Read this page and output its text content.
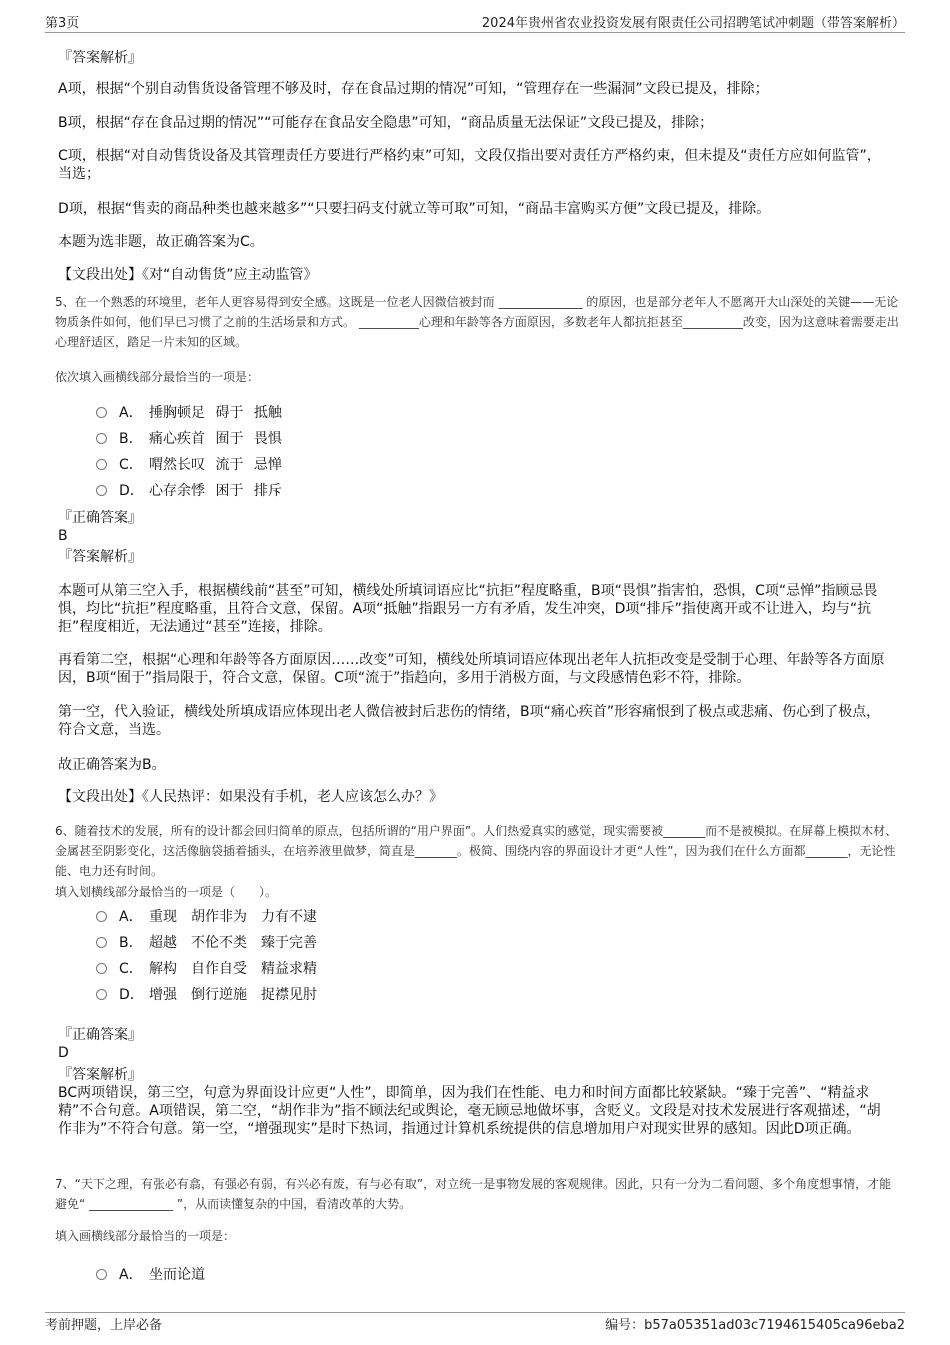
第3页	2024年贵州省农业投资发展有限责任公司招聘笔试冲刺题（带答案解析）
『答案解析』
A项，根据“个别自动售货设备管理不够及时，存在食品过期的情况”可知，“管理存在一些漏洞”文段已提及，排除；
B项，根据“存在食品过期的情况”“可能存在食品安全隐患”可知，“商品质量无法保证”文段已提及，排除；
C项，根据“对自动售货设备及其管理责任方要进行严格约束”可知，文段仅指出要对责任方严格约束，但未提及“责任方应如何监管”，当选；
D项，根据“售卖的商品种类也越来越多”“只要扫码支付就立等可取”可知，“商品丰富购买方便”文段已提及，排除。
本题为选非题，故正确答案为C。
【文段出处】《对“自动售货”应主动监管》
5、在一个熟悉的环境里，老年人更容易得到安全感。这既是一位老人因微信被封而 ______________ 的原因，也是部分老年人不愿离开大山深处的关键——无论物质条件如何，他们早已习惯了之前的生活场景和方式。 __________心理和年龄等各方面原因，多数老年人都抗拒甚至__________改变，因为这意味着需要走出心理舒适区，踏足一片未知的区域。
依次填入画横线部分最恰当的一项是：
A． 捶胸顿足 碍于 抵触
B． 痛心疾首 囿于 畏惧
C． 喟然长叹 流于 忌惮
D． 心存余悸 困于 排斥
『正确答案』
B
『答案解析』
本题可从第三空入手，根据横线前“甚至”可知，横线处所填词语应比“抗拒”程度略重，B项“畏惧”指害怕，恐惧，C项“忌惮”指顾忌畏惧，均比“抗拒”程度略重，且符合文意，保留。A项“抵触”指跟另一方有矛盾，发生冲突，D项“排斥”指使离开或不让进入，均与“抗拒”程度相近，无法通过“甚至”连接，排除。
再看第二空，根据“心理和年龄等各方面原因……改变”可知，横线处所填词语应体现出老年人抗拒改变是受制于心理、年龄等各方面原因，B项“囿于”指局限于，符合文意，保留。C项“流于”指趋向，多用于消极方面，与文段感情色彩不符，排除。
第一空，代入验证，横线处所填成语应体现出老人微信被封后悲伤的情绪，B项“痛心疾首”形容痛恨到了极点或悲痛、伤心到了极点，符合文意，当选。
故正确答案为B。
【文段出处】《人民热评：如果没有手机，老人应该怎么办？》
6、随着技术的发展，所有的设计都会回归简单的原点，包括所谓的“用户界面”。人们热爱真实的感觉，现实需要被_______而不是被模拟。在屏幕上模拟木材、金属甚至阴影变化，这活像脑袋插着插头，在培养液里做梦，简直是_______。极简、围绕内容的界面设计才更“人性”，因为我们在什么方面都_______，无论性能、电力还有时间。
填入划横线部分最恰当的一项是（　　）。
A． 重现　胡作非为　力有不逮
B． 超越　不伦不类　臻于完善
C． 解构　自作自受　精益求精
D． 增强　倒行逆施　捉襟见肘
『正确答案』
D
『答案解析』
BC两项错误，第三空，句意为界面设计应更“人性”，即简单，因为我们在性能、电力和时间方面都比较紧缺。“臻于完善”、“精益求精”不合句意。A项错误，第二空，“胡作非为”指不顾法纪或舆论，毫无顾忌地做坏事，含贬义。文段是对技术发展进行客观描述，“胡作非为”不符合句意。第一空，“增强现实”是时下热词，指通过计算机系统提供的信息增加用户对现实世界的感知。因此D项正确。
7、“天下之理，有张必有翕，有强必有弱，有兴必有废，有与必有取”，对立统一是事物发展的客观规律。因此，只有一分为二看问题、多个角度想事情，才能避免“ ______________ ”，从而读懂复杂的中国，看清改革的大势。
填入画横线部分最恰当的一项是：
A． 坐而论道
考前押题，上岸必备	编号：b57a05351ad03c7194615405ca96eba2
